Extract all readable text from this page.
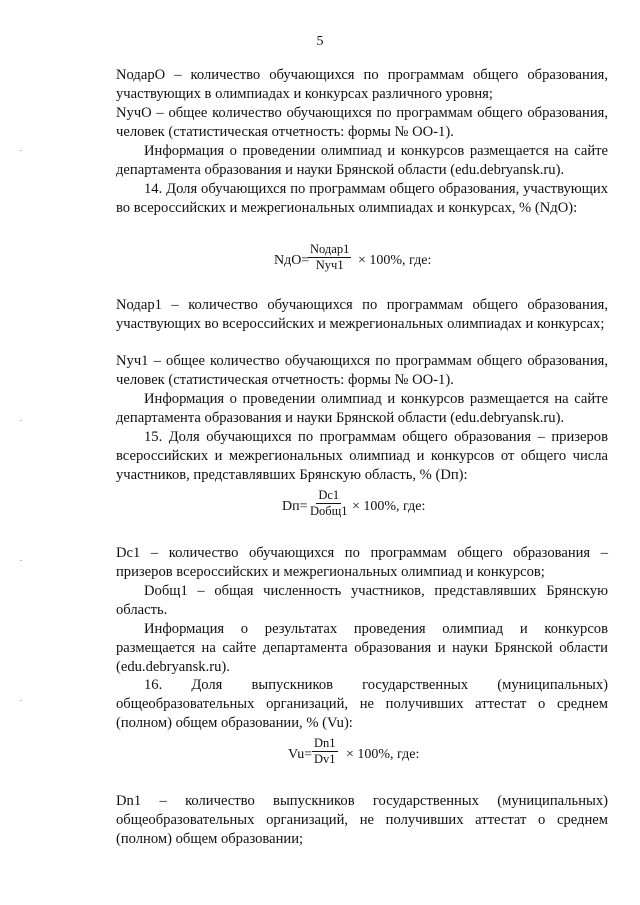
5

NодарО – количество обучающихся по программам общего образования, участвующих в олимпиадах и конкурсах различного уровня;

NучО – общее количество обучающихся по программам общего образования, человек (статистическая отчетность: формы № ОО-1).

Информация о проведении олимпиад и конкурсов размещается на сайте департамента образования и науки Брянской области (edu.debryansk.ru).

14. Доля обучающихся по программам общего образования, участвующих во всероссийских и межрегиональных олимпиадах и конкурсах, % (NдО):

NдО=
Nодар1
Nуч1 × 100%, где:

Nодар1 – количество обучающихся по программам общего образования, участвующих во всероссийских и межрегиональных олимпиадах и конкурсах;

Nуч1 – общее количество обучающихся по программам общего образования, человек (статистическая отчетность: формы № ОО-1).

Информация о проведении олимпиад и конкурсов размещается на сайте департамента образования и науки Брянской области (edu.debryansk.ru).

15. Доля обучающихся по программам общего образования – призеров всероссийских и межрегиональных олимпиад и конкурсов от общего числа участников, представлявших Брянскую область, % (Dп):

Dп=
Dс1
Dобщ1 × 100%, где:

Dс1 – количество обучающихся по программам общего образования – призеров всероссийских и межрегиональных олимпиад и конкурсов;

Dобщ1 – общая численность участников, представлявших Брянскую область.

Информация о результатах проведения олимпиад и конкурсов размещается на сайте департамента образования и науки Брянской области (edu.debryansk.ru).

16. Доля выпускников государственных (муниципальных) общеобразовательных организаций, не получивших аттестат о среднем (полном) общем образовании, % (Vu):

$Vu= \frac{Dn1}{Dv1} \times 100\%$, где:

Dn1 – количество выпускников государственных (муниципальных) общеобразовательных организаций, не получивших аттестат о среднем (полном) общем образовании;
